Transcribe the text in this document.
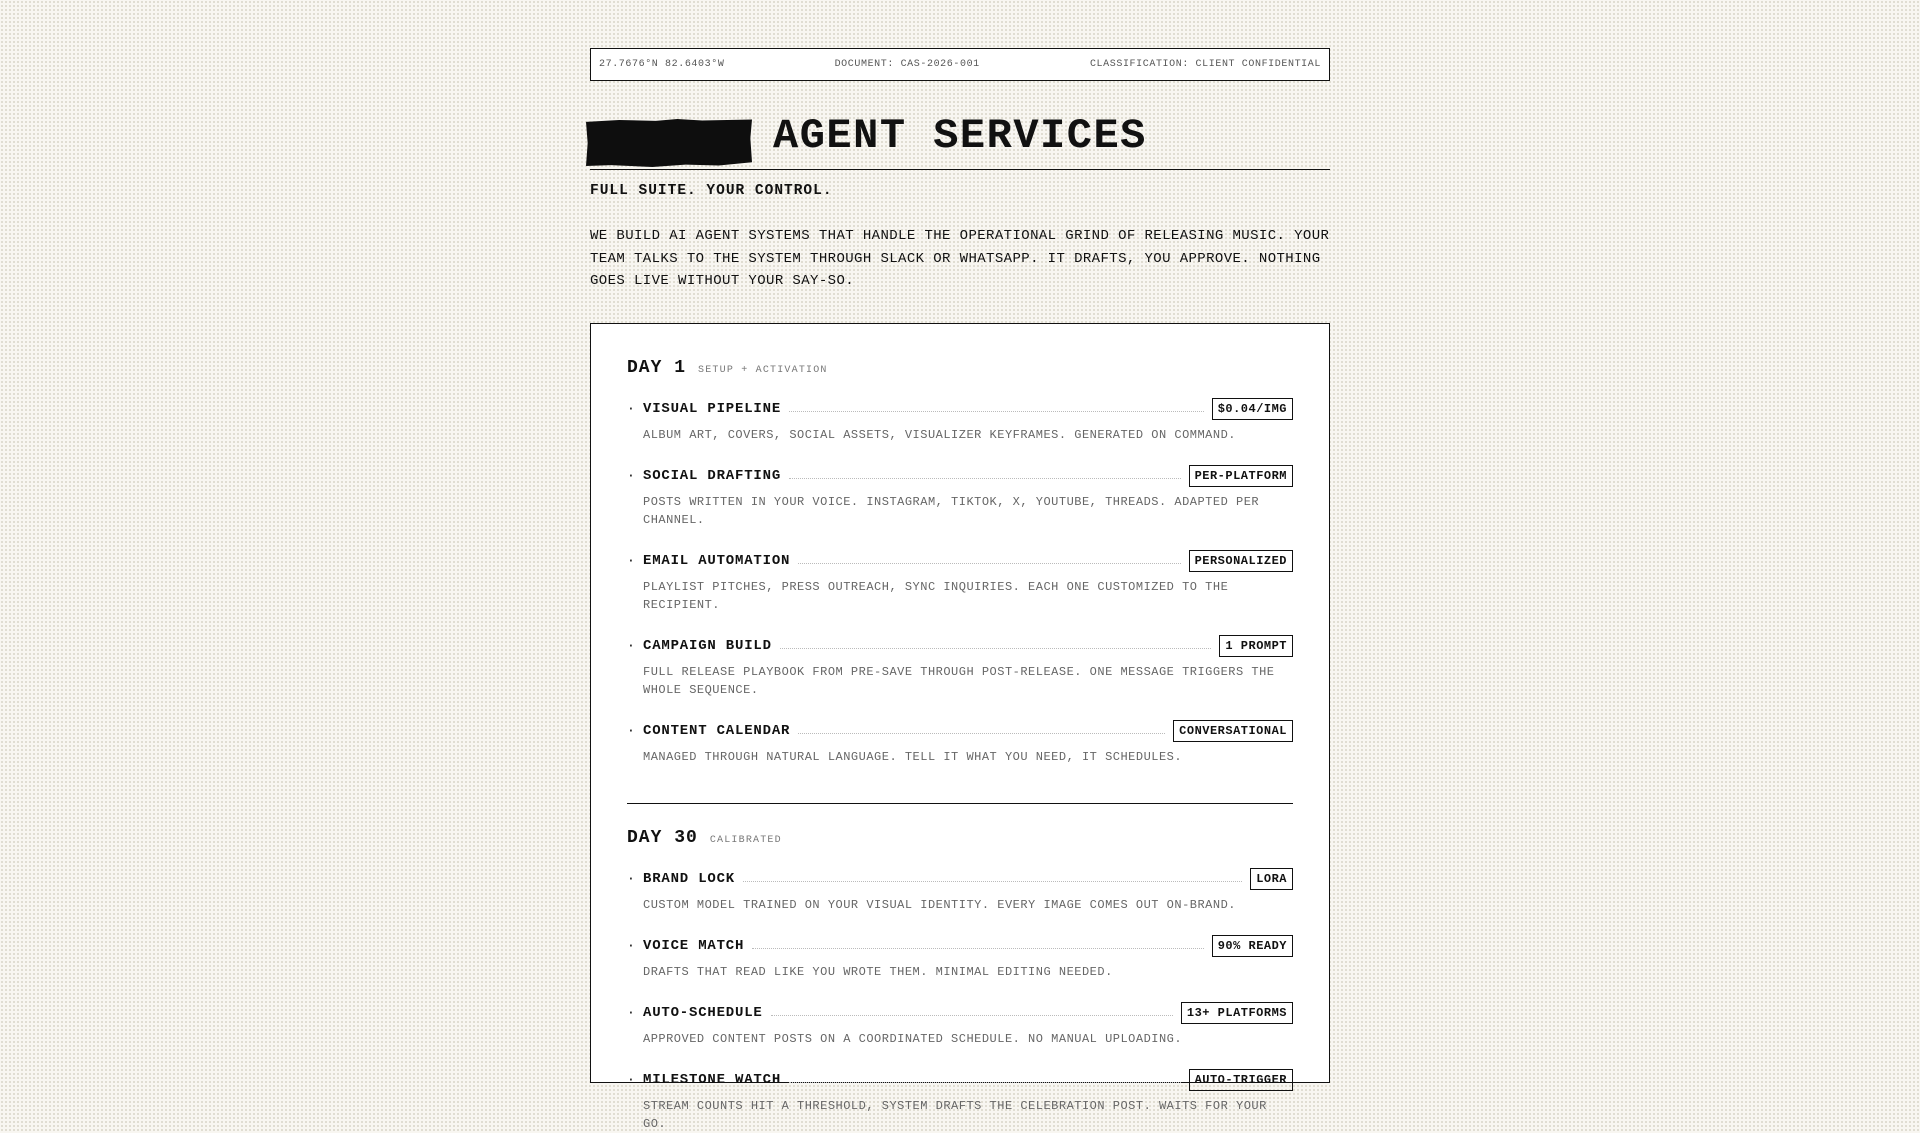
27.7676°N 82.6403°W	DOCUMENT: CAS-2026-001	CLASSIFICATION: CLIENT CONFIDENTIAL
AGENT SERVICES
FULL SUITE. YOUR CONTROL.
WE BUILD AI AGENT SYSTEMS THAT HANDLE THE OPERATIONAL GRIND OF RELEASING MUSIC. YOUR TEAM TALKS TO THE SYSTEM THROUGH SLACK OR WHATSAPP. IT DRAFTS, YOU APPROVE. NOTHING GOES LIVE WITHOUT YOUR SAY-SO.
DAY 1 SETUP + ACTIVATION
· VISUAL PIPELINE	$0.04/IMG
ALBUM ART, COVERS, SOCIAL ASSETS, VISUALIZER KEYFRAMES. GENERATED ON COMMAND.
· SOCIAL DRAFTING	PER-PLATFORM
POSTS WRITTEN IN YOUR VOICE. INSTAGRAM, TIKTOK, X, YOUTUBE, THREADS. ADAPTED PER CHANNEL.
· EMAIL AUTOMATION	PERSONALIZED
PLAYLIST PITCHES, PRESS OUTREACH, SYNC INQUIRIES. EACH ONE CUSTOMIZED TO THE RECIPIENT.
· CAMPAIGN BUILD	1 PROMPT
FULL RELEASE PLAYBOOK FROM PRE-SAVE THROUGH POST-RELEASE. ONE MESSAGE TRIGGERS THE WHOLE SEQUENCE.
· CONTENT CALENDAR	CONVERSATIONAL
MANAGED THROUGH NATURAL LANGUAGE. TELL IT WHAT YOU NEED, IT SCHEDULES.
DAY 30 CALIBRATED
· BRAND LOCK	LORA
CUSTOM MODEL TRAINED ON YOUR VISUAL IDENTITY. EVERY IMAGE COMES OUT ON-BRAND.
· VOICE MATCH	90% READY
DRAFTS THAT READ LIKE YOU WROTE THEM. MINIMAL EDITING NEEDED.
· AUTO-SCHEDULE	13+ PLATFORMS
APPROVED CONTENT POSTS ON A COORDINATED SCHEDULE. NO MANUAL UPLOADING.
· MILESTONE WATCH	AUTO-TRIGGER
STREAM COUNTS HIT A THRESHOLD, SYSTEM DRAFTS THE CELEBRATION POST. WAITS FOR YOUR GO.
